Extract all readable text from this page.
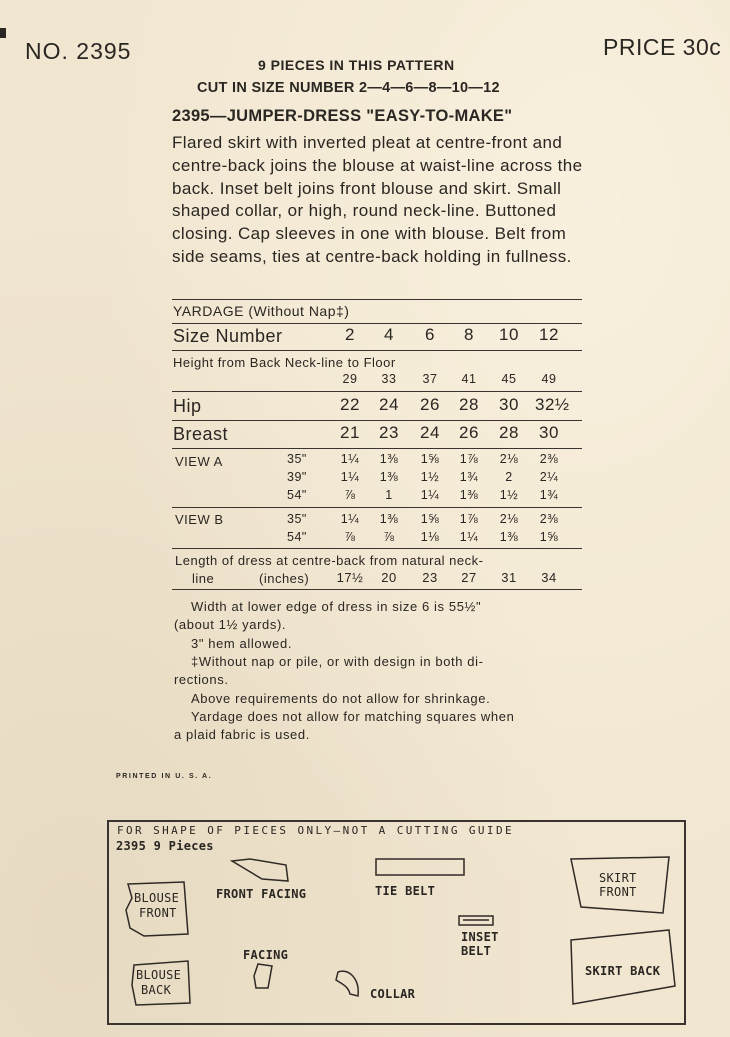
NO. 2395	PRICE 30c
9 PIECES IN THIS PATTERN
CUT IN SIZE NUMBER 2—4—6—8—10—12
2395—JUMPER-DRESS "EASY-TO-MAKE"
Flared skirt with inverted pleat at centre-front and centre-back joins the blouse at waist-line across the back. Inset belt joins front blouse and skirt. Small shaped collar, or high, round neck-line. Buttoned closing. Cap sleeves in one with blouse. Belt from side seams, ties at centre-back holding in fullness.
YARDAGE (Without Nap‡)
Size Number	2	4	6	8	10 12
Height from Back Neck-line to Floor
29	33	37	41	45	49
Hip	22 24 26 28 30 32½
Breast	21 23 24 26 28 30
VIEW A	35"	1¼	1⅜	1⅝	1⅞	2⅛	2⅜
39"	1¼	1⅜	1½	1¾	2	2¼
54"	⅞	1	1¼	1⅜	1½	1¾
VIEW B	35"	1¼	1⅜	1⅝	1⅞	2⅛	2⅜
54"	⅞	⅞	1⅛	1¼	1⅜	1⅝
Length of dress at centre-back from natural neck-
line	(inches) 17½	20	23	27	31	34
Width at lower edge of dress in size 6 is 55½"
(about 1½ yards).
3" hem allowed.
‡Without nap or pile, or with design in both di-
rections.
Above requirements do not allow for shrinkage.
Yardage does not allow for matching squares when
a plaid fabric is used.
PRINTED IN U. S. A.
FOR SHAPE OF PIECES ONLY—NOT A CUTTING GUIDE
2395 9 Pieces
BLOUSE
FRONT
FRONT FACING	TIE BELT
SKIRT
FRONT
INSET
BELT
FACING
SKIRT BACK
BLOUSE
BACK	COLLAR
